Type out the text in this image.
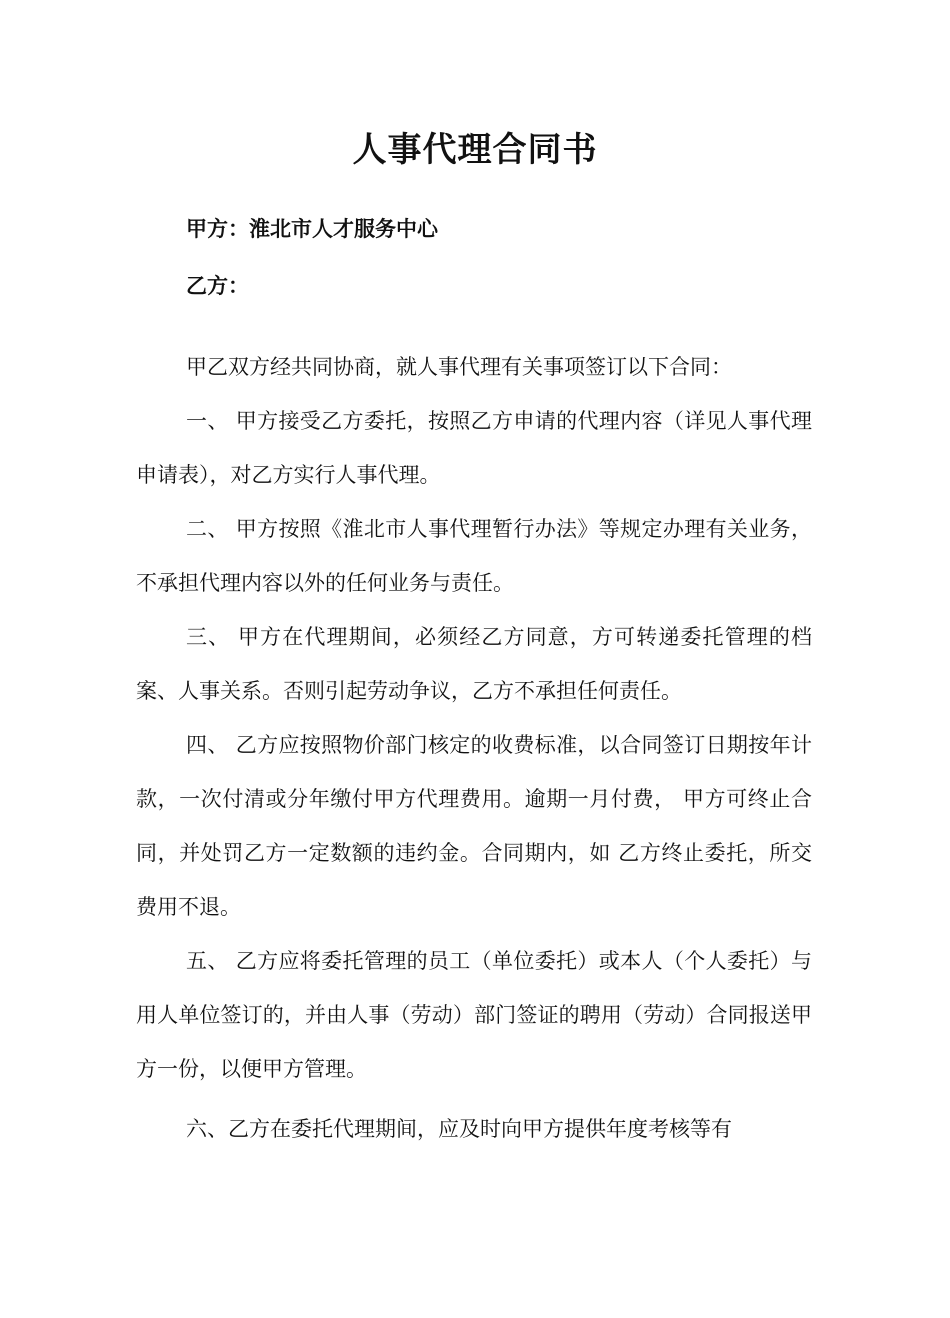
人事代理合同书

甲方：淮北市人才服务中心

乙方：

甲乙双方经共同协商，就人事代理有关事项签订以下合同：

一、 甲方接受乙方委托，按照乙方申请的代理内容（详见人事代理申请表），对乙方实行人事代理。

二、 甲方按照《淮北市人事代理暂行办法》等规定办理有关业务，不承担代理内容以外的任何业务与责任。

三、 甲方在代理期间，必须经乙方同意，方可转递委托管理的档案、人事关系。否则引起劳动争议，乙方不承担任何责任。

四、 乙方应按照物价部门核定的收费标准，以合同签订日期按年计款，一次付清或分年缴付甲方代理费用。逾期一月付费， 甲方可终止合同，并处罚乙方一定数额的违约金。合同期内，如 乙方终止委托，所交费用不退。

五、 乙方应将委托管理的员工（单位委托）或本人（个人委托）与用人单位签订的，并由人事（劳动）部门签证的聘用（劳动）合同报送甲方一份，以便甲方管理。

六、乙方在委托代理期间，应及时向甲方提供年度考核等有
